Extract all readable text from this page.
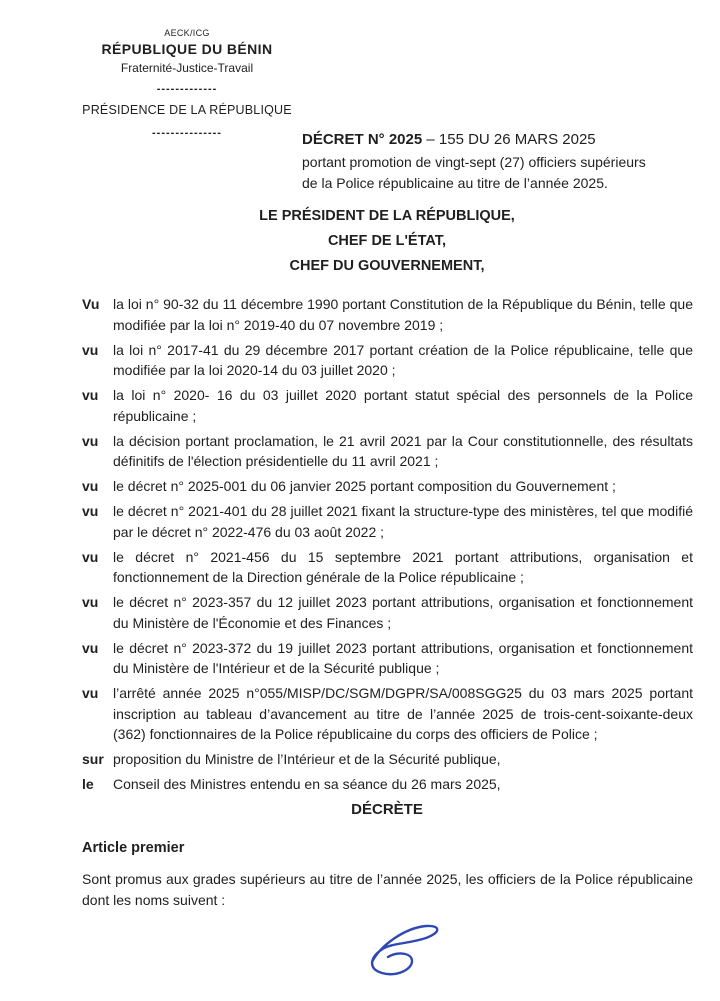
AECK/ICG
RÉPUBLIQUE DU BÉNIN
Fraternité-Justice-Travail
-------------
PRÉSIDENCE DE LA RÉPUBLIQUE
---------------	DÉCRET N° 2025 – 155 DU 26 MARS 2025
portant promotion de vingt-sept (27) officiers supérieurs
de la Police républicaine au titre de l’année 2025.
LE PRÉSIDENT DE LA RÉPUBLIQUE,
CHEF DE L'ÉTAT,
CHEF DU GOUVERNEMENT,
Vu la loi n° 90-32 du 11 décembre 1990 portant Constitution de la République du Bénin, telle que modifiée par la loi n° 2019-40 du 07 novembre 2019 ;
vu	la loi n° 2017-41 du 29 décembre 2017 portant création de la Police républicaine, telle que modifiée par la loi 2020-14 du 03 juillet 2020 ;
vu	la loi n° 2020- 16 du 03 juillet 2020 portant statut spécial des personnels de la Police républicaine ;
vu	la décision portant proclamation, le 21 avril 2021 par la Cour constitutionnelle, des résultats définitifs de l'élection présidentielle du 11 avril 2021 ;
vu	le décret n° 2025-001 du 06 janvier 2025 portant composition du Gouvernement ;
vu	le décret n° 2021-401 du 28 juillet 2021 fixant la structure-type des ministères, tel que modifié par le décret n° 2022-476 du 03 août 2022 ;
vu	le décret n° 2021-456 du 15 septembre 2021 portant attributions, organisation et fonctionnement de la Direction générale de la Police républicaine ;
vu	le décret n° 2023-357 du 12 juillet 2023 portant attributions, organisation et fonctionnement du Ministère de l'Économie et des Finances ;
vu	le décret n° 2023-372 du 19 juillet 2023 portant attributions, organisation et fonctionnement du Ministère de l'Intérieur et de la Sécurité publique ;
vu	l’arrêté année 2025 n°055/MISP/DC/SGM/DGPR/SA/008SGG25 du 03 mars 2025 portant inscription au tableau d’avancement au titre de l’année 2025 de trois-cent-soixante-deux (362) fonctionnaires de la Police républicaine du corps des officiers de Police ;
sur proposition du Ministre de l’Intérieur et de la Sécurité publique,
le	Conseil des Ministres entendu en sa séance du 26 mars 2025,
DÉCRÈTE
Article premier
Sont promus aux grades supérieurs au titre de l’année 2025, les officiers de la Police républicaine dont les noms suivent :
